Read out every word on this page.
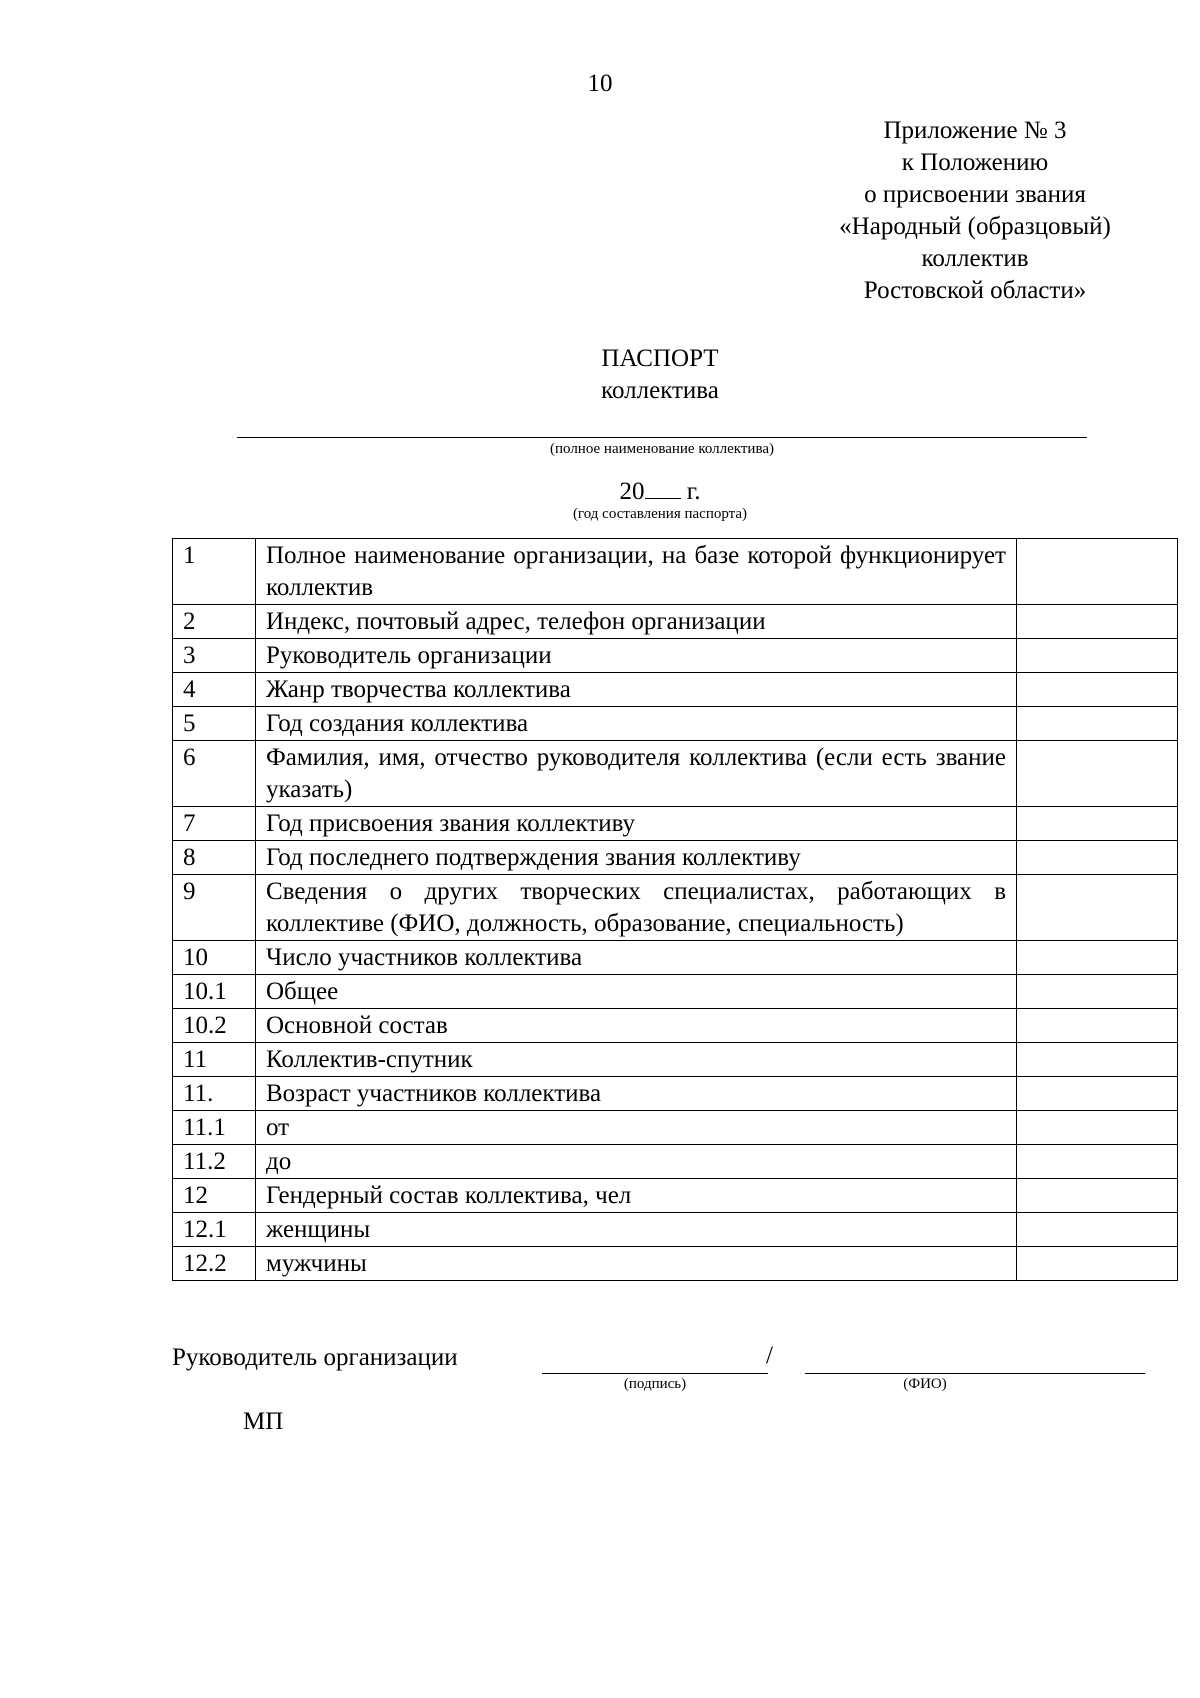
10
Приложение № 3
к Положению
о присвоении звания
«Народный (образцовый)
коллектив
Ростовской области»
ПАСПОРТ
коллектива
(полное наименование коллектива)
20 г.
(год составления паспорта)
1	Полное наименование организации, на базе которой функционирует коллектив	
2	Индекс, почтовый адрес, телефон организации	
3	Руководитель организации	
4	Жанр творчества коллектива	
5	Год создания коллектива	
6	Фамилия, имя, отчество руководителя коллектива (если есть звание указать)	
7	Год присвоения звания коллективу	
8	Год последнего подтверждения звания коллективу	
9	Сведения о других творческих специалистах, работающих в коллективе (ФИО, должность, образование, специальность)	
10	Число участников коллектива	
10.1	Общее	
10.2	Основной состав	
11	Коллектив-спутник	
11.	Возраст участников коллектива	
11.1	от	
11.2	до	
12	Гендерный состав коллектива, чел	
12.1	женщины	
12.2	мужчины	
Руководитель организации	/
(подпись)	(ФИО)
МП
